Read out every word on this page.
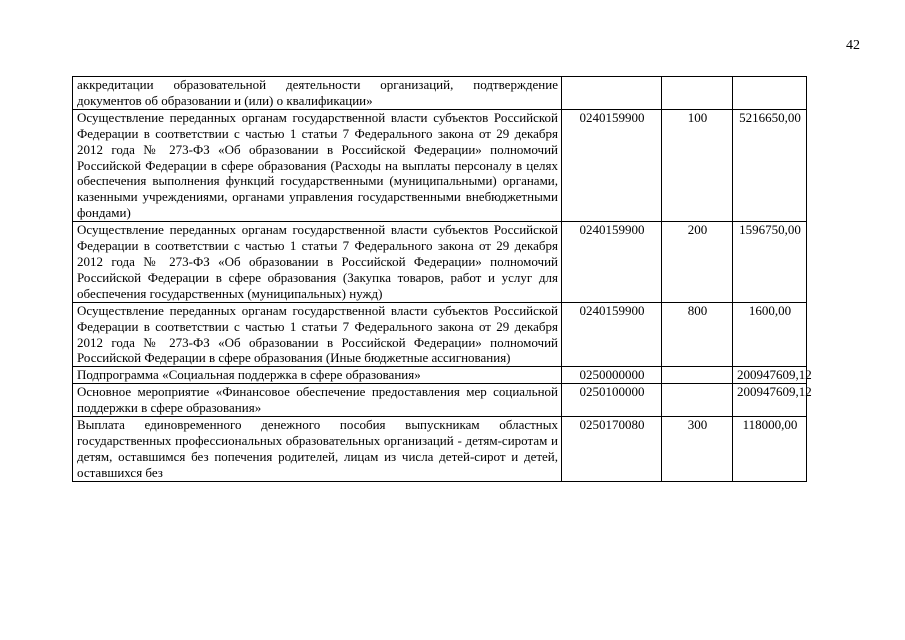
42
аккредитации образовательной деятельности организаций, подтверждение документов об образовании и (или) о квалификации»			
Осуществление переданных органам государственной власти субъектов Российской Федерации в соответствии с частью 1 статьи 7 Федерального закона от 29 декабря 2012 года № 273-ФЗ «Об образовании в Российской Федерации» полномочий Российской Федерации в сфере образования (Расходы на выплаты персоналу в целях обеспечения выполнения функций государственными (муниципальными) органами, казенными учреждениями, органами управления государственными внебюджетными фондами)	0240159900	100	5216650,00
Осуществление переданных органам государственной власти субъектов Российской Федерации в соответствии с частью 1 статьи 7 Федерального закона от 29 декабря 2012 года № 273-ФЗ «Об образовании в Российской Федерации» полномочий Российской Федерации в сфере образования (Закупка товаров, работ и услуг для обеспечения государственных (муниципальных) нужд)	0240159900	200	1596750,00
Осуществление переданных органам государственной власти субъектов Российской Федерации в соответствии с частью 1 статьи 7 Федерального закона от 29 декабря 2012 года № 273-ФЗ «Об образовании в Российской Федерации» полномочий Российской Федерации в сфере образования (Иные бюджетные ассигнования)	0240159900	800	1600,00
Подпрограмма «Социальная поддержка в сфере образования»	0250000000		200947609,12
Основное мероприятие «Финансовое обеспечение предоставления мер социальной поддержки в сфере образования»	0250100000		200947609,12
Выплата единовременного денежного пособия выпускникам областных государственных профессиональных образовательных организаций - детям-сиротам и детям, оставшимся без попечения родителей, лицам из числа детей-сирот и детей, оставшихся без	0250170080	300	118000,00
